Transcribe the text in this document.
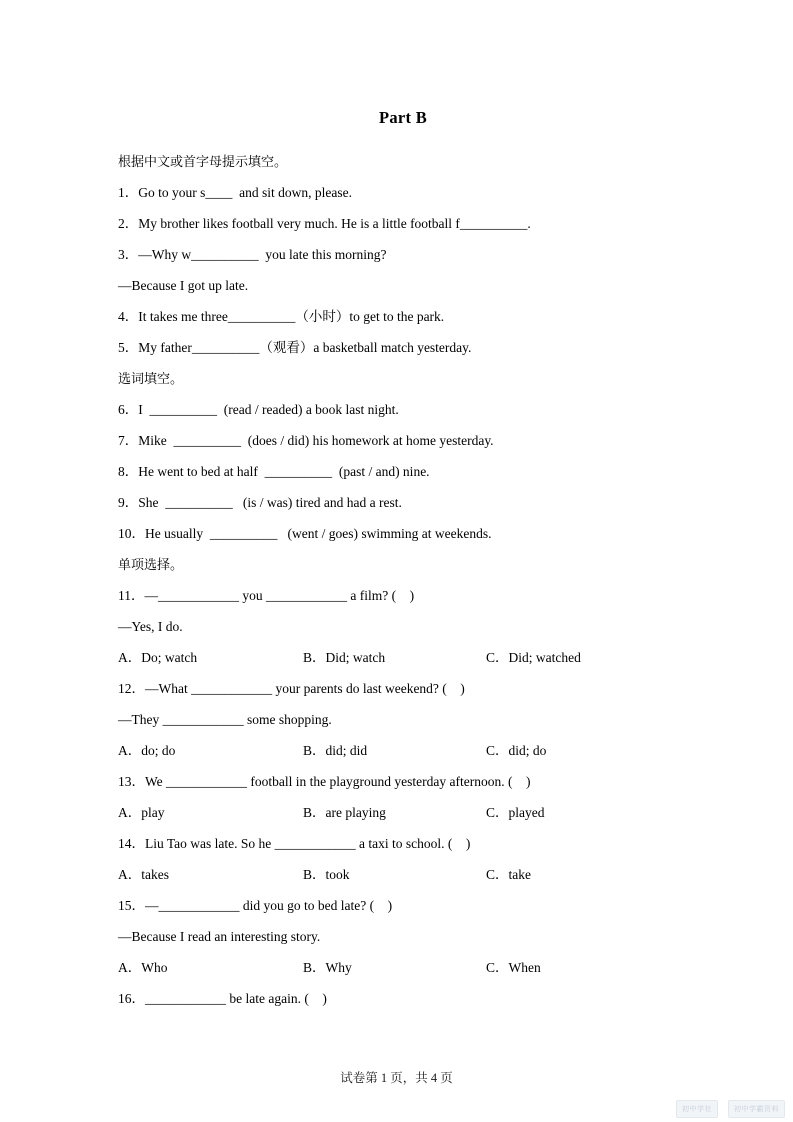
Part B

根据中文或首字母提示填空。

1．Go to your s____  and sit down, please.

2．My brother likes football very much. He is a little football f__________.

3．—Why w__________  you late this morning?

—Because I got up late.

4．It takes me three__________（小时）to get to the park.

5．My father__________（观看）a basketball match yesterday.

选词填空。

6．I  __________  (read / readed) a book last night.

7．Mike  __________  (does / did) his homework at home yesterday.

8．He went to bed at half  __________  (past / and) nine.

9．She  __________   (is / was) tired and had a rest.

10．He usually  __________   (went / goes) swimming at weekends.

单项选择。

11．—____________ you ____________ a film? (    )

—Yes, I do.

A．Do; watch	B．Did; watch	C．Did; watched

12．—What ____________ your parents do last weekend? (    )

—They ____________ some shopping.

A．do; do	B．did; did	C．did; do

13．We ____________ football in the playground yesterday afternoon. (    )

A．play	B．are playing	C．played

14．Liu Tao was late. So he ____________ a taxi to school. (    )

A．takes	B．took	C．take

15．—____________ did you go to bed late? (    )

—Because I read an interesting story.

A．Who	B．Why	C．When

16．____________ be late again. (    )

试卷第 1 页，共 4 页
初中学社	初中学霸资料
